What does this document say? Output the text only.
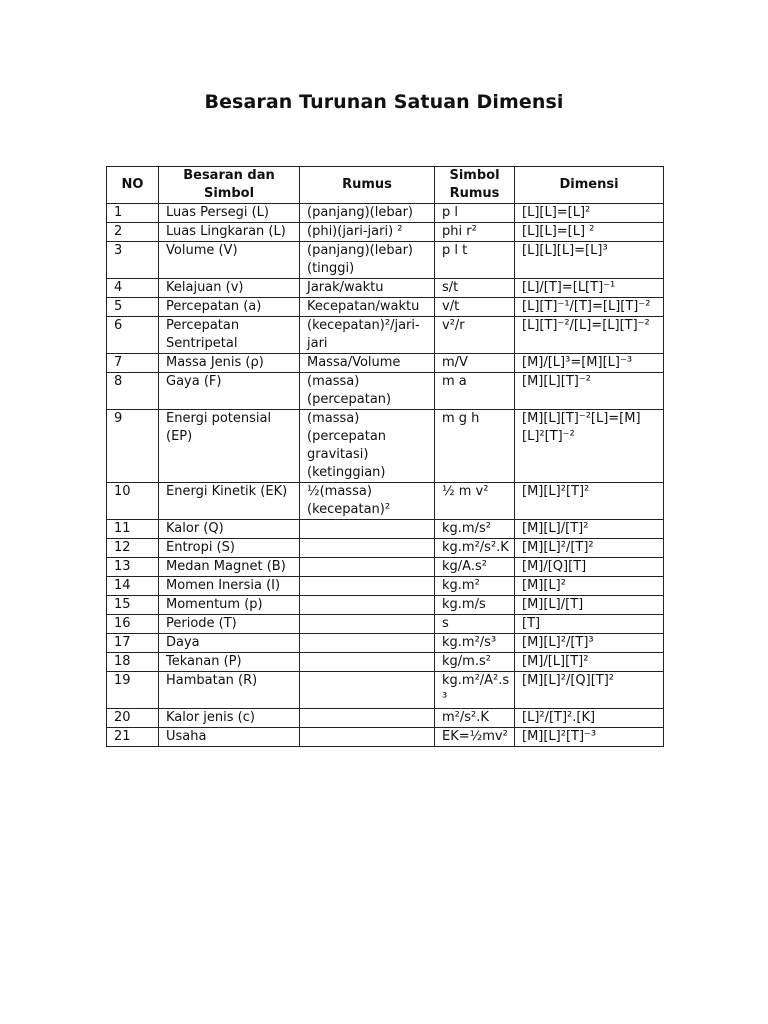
Besaran Turunan Satuan Dimensi
NO	Besaran dan Simbol	Rumus	Simbol Rumus	Dimensi
1	Luas Persegi (L)	(panjang)(lebar)	p l	[L][L]=[L]²
2	Luas Lingkaran (L)	(phi)(jari-jari) ²	phi r²	[L][L]=[L] ²
3	Volume (V)	(panjang)(lebar)(tinggi)	p l t	[L][L][L]=[L]³
4	Kelajuan (v)	Jarak/waktu	s/t	[L]/[T]=[L[T]⁻¹
5	Percepatan (a)	Kecepatan/waktu	v/t	[L][T]⁻¹/[T]=[L][T]⁻²
6	Percepatan Sentripetal	(kecepatan)²/jari-jari	v²/r	[L][T]⁻²/[L]=[L][T]⁻²
7	Massa Jenis (ρ)	Massa/Volume	m/V	[M]/[L]³=[M][L]⁻³
8	Gaya (F)	(massa)(percepatan)	m a	[M][L][T]⁻²
9	Energi potensial (EP)	(massa)(percepatan gravitasi)(ketinggian)	m g h	[M][L][T]⁻²[L]=[M][L]²[T]⁻²
10	Energi Kinetik (EK)	½(massa)(kecepatan)²	½ m v²	[M][L]²[T]²
11	Kalor (Q)		kg.m/s²	[M][L]/[T]²
12	Entropi (S)		kg.m²/s².K	[M][L]²/[T]²
13	Medan Magnet (B)		kg/A.s²	[M]/[Q][T]
14	Momen Inersia (I)		kg.m²	[M][L]²
15	Momentum (p)		kg.m/s	[M][L]/[T]
16	Periode (T)		s	[T]
17	Daya		kg.m²/s³	[M][L]²/[T]³
18	Tekanan (P)		kg/m.s²	[M]/[L][T]²
19	Hambatan (R)		kg.m²/A².s³	[M][L]²/[Q][T]²
20	Kalor jenis (c)		m²/s².K	[L]²/[T]².[K]
21	Usaha		EK=½mv²	[M][L]²[T]⁻³
